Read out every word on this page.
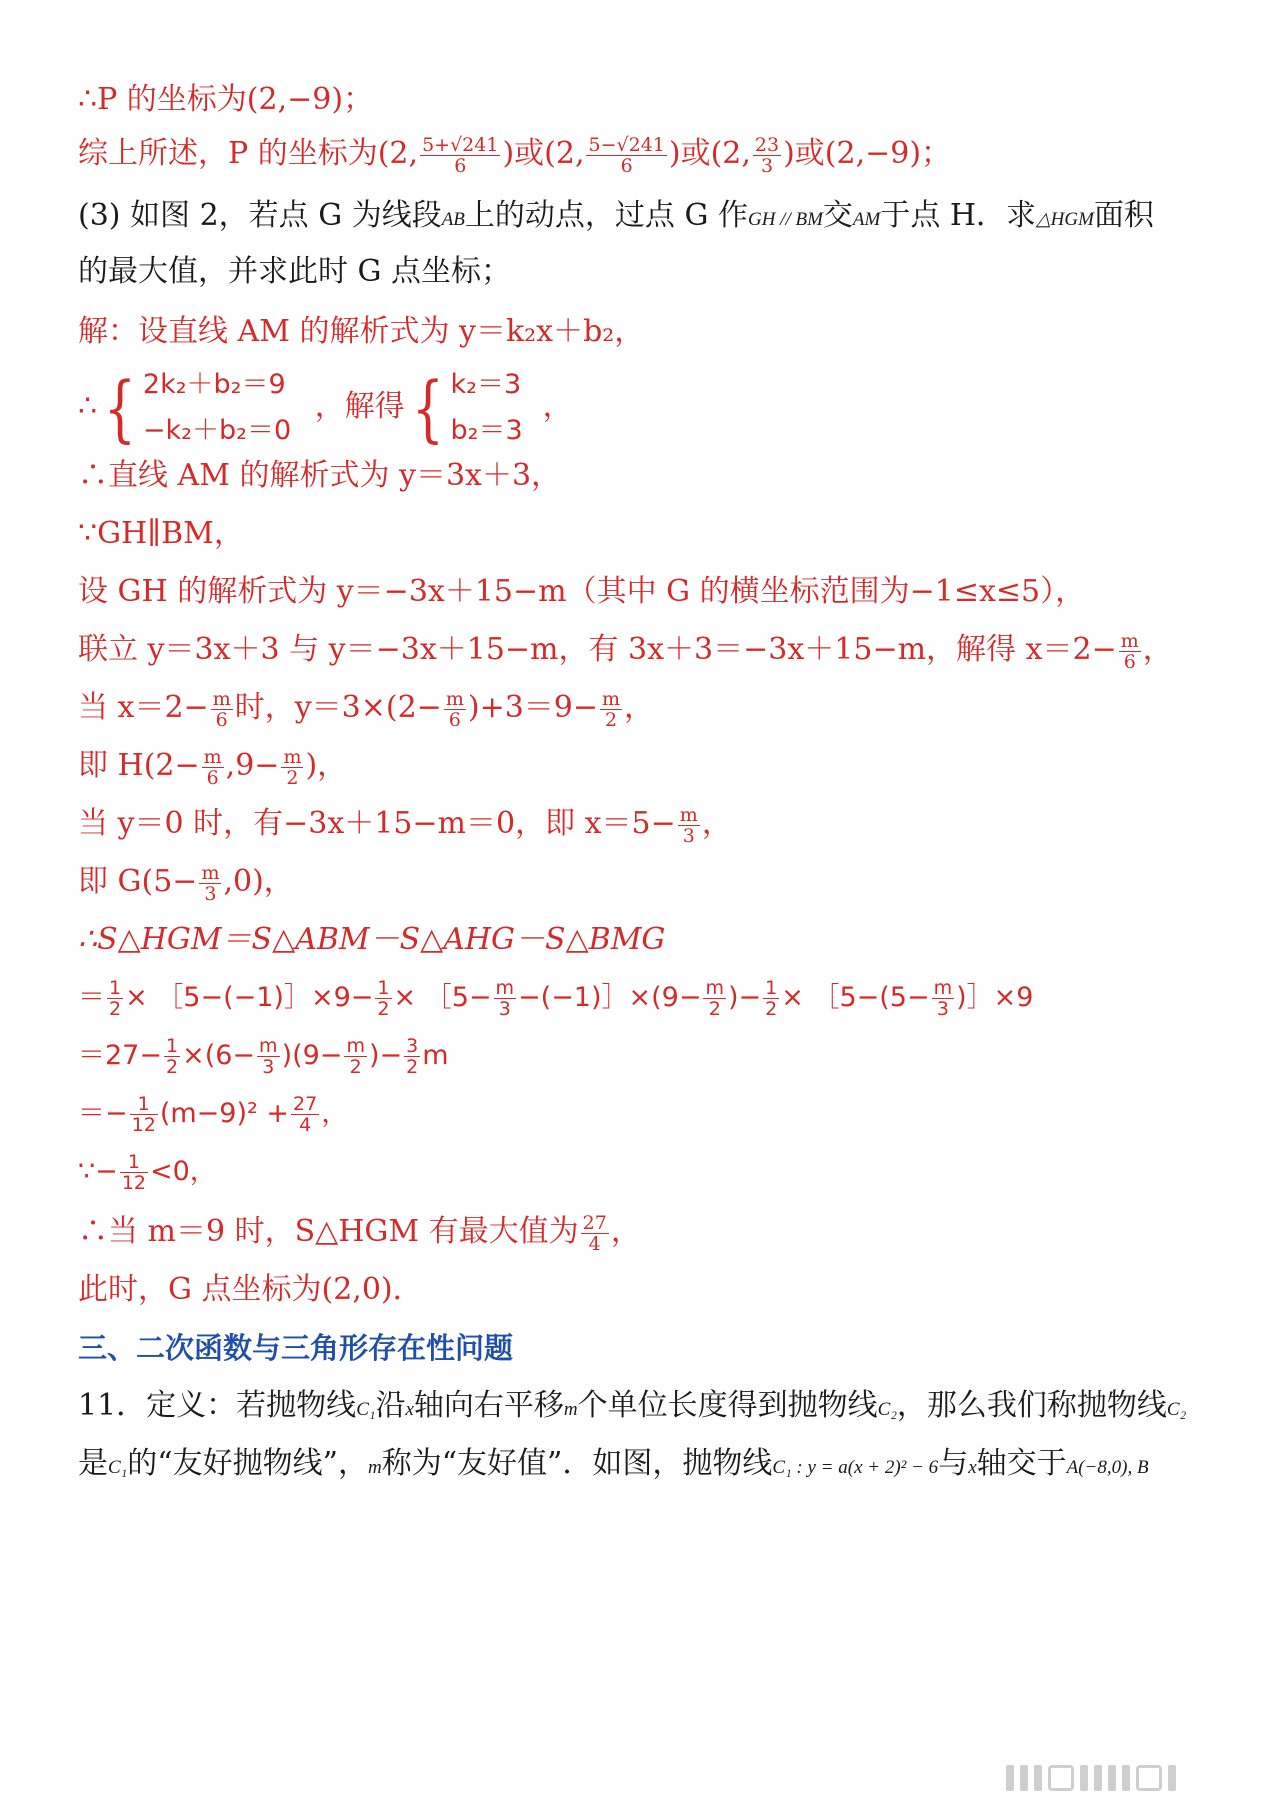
∴P 的坐标为(2,−9)；
综上所述，P 的坐标为(2, $\frac{5+√241}{6}$ )或(2, $\frac{5-√241}{6}$ )或(2, $\frac{23}{3}$ )或(2,−9)；
(3) 如图 2，若点 G 为线段AB上的动点，过点 G 作GH // BM交AM于点 H．求△HGM面积
的最大值，并求此时 G 点坐标；
解：设直线 AM 的解析式为 y＝k₂x＋b₂，
∴{ 2k₂＋b₂＝9
−k₂＋b₂＝0
，解得{ k₂＝3
b₂＝3
，
∴直线 AM 的解析式为 y＝3x＋3，
∵GH∥BM，
设 GH 的解析式为 y＝−3x＋15−m（其中 G 的横坐标范围为−1≤x≤5），
联立 y＝3x＋3 与 y＝−3x＋15−m，有 3x＋3＝−3x＋15−m，解得 $x=2- \frac{m}{6}$ ，
当 $x=2- \frac{m}{6}$ 时，$y=3\times(2- \frac{m}{6} )+3=9- \frac{m}{2}$ ，
即 $H(2- \frac{m}{6} ,9- \frac{m}{2}$ )，
当 y＝0 时，有−3x＋15−m＝0，即 $x=5- \frac{m}{3}$ ，
即 $G(5- \frac{m}{3} ,0)$，
∴S△HGM＝S△ABM－S△AHG－S△BMG
＝ $\frac{1}{2}$ × ［5−(−1)］×9− $\frac{1}{2}$ × ［5− $\frac{m}{3}$ −(−1)］×(9− $\frac{m}{2}$ )− $\frac{1}{2}$ × ［5−(5− $\frac{m}{3}$ )］×9
$=27- \frac{1}{2} \times(6- \frac{m}{3} )(9- \frac{m}{2}$ )− $\frac{3}{2}$ m
＝− $\frac{1}{12} (m-9)^2 + \frac{27}{4}$ ，
∵− $\frac{1}{12} <0$，
∴当 m＝9 时，S△HGM 有最大值为 $\frac{27}{4}$ ，
此时，G 点坐标为(2,0)．
三、二次函数与三角形存在性问题
11．定义：若抛物线C₁沿x轴向右平移m个单位长度得到抛物线C₂，那么我们称抛物线C₂
是C₁的“友好抛物线”，m称为“友好值”．如图，抛物线C₁ : y = a(x + 2)² − 6与x轴交于A(−8,0), B
